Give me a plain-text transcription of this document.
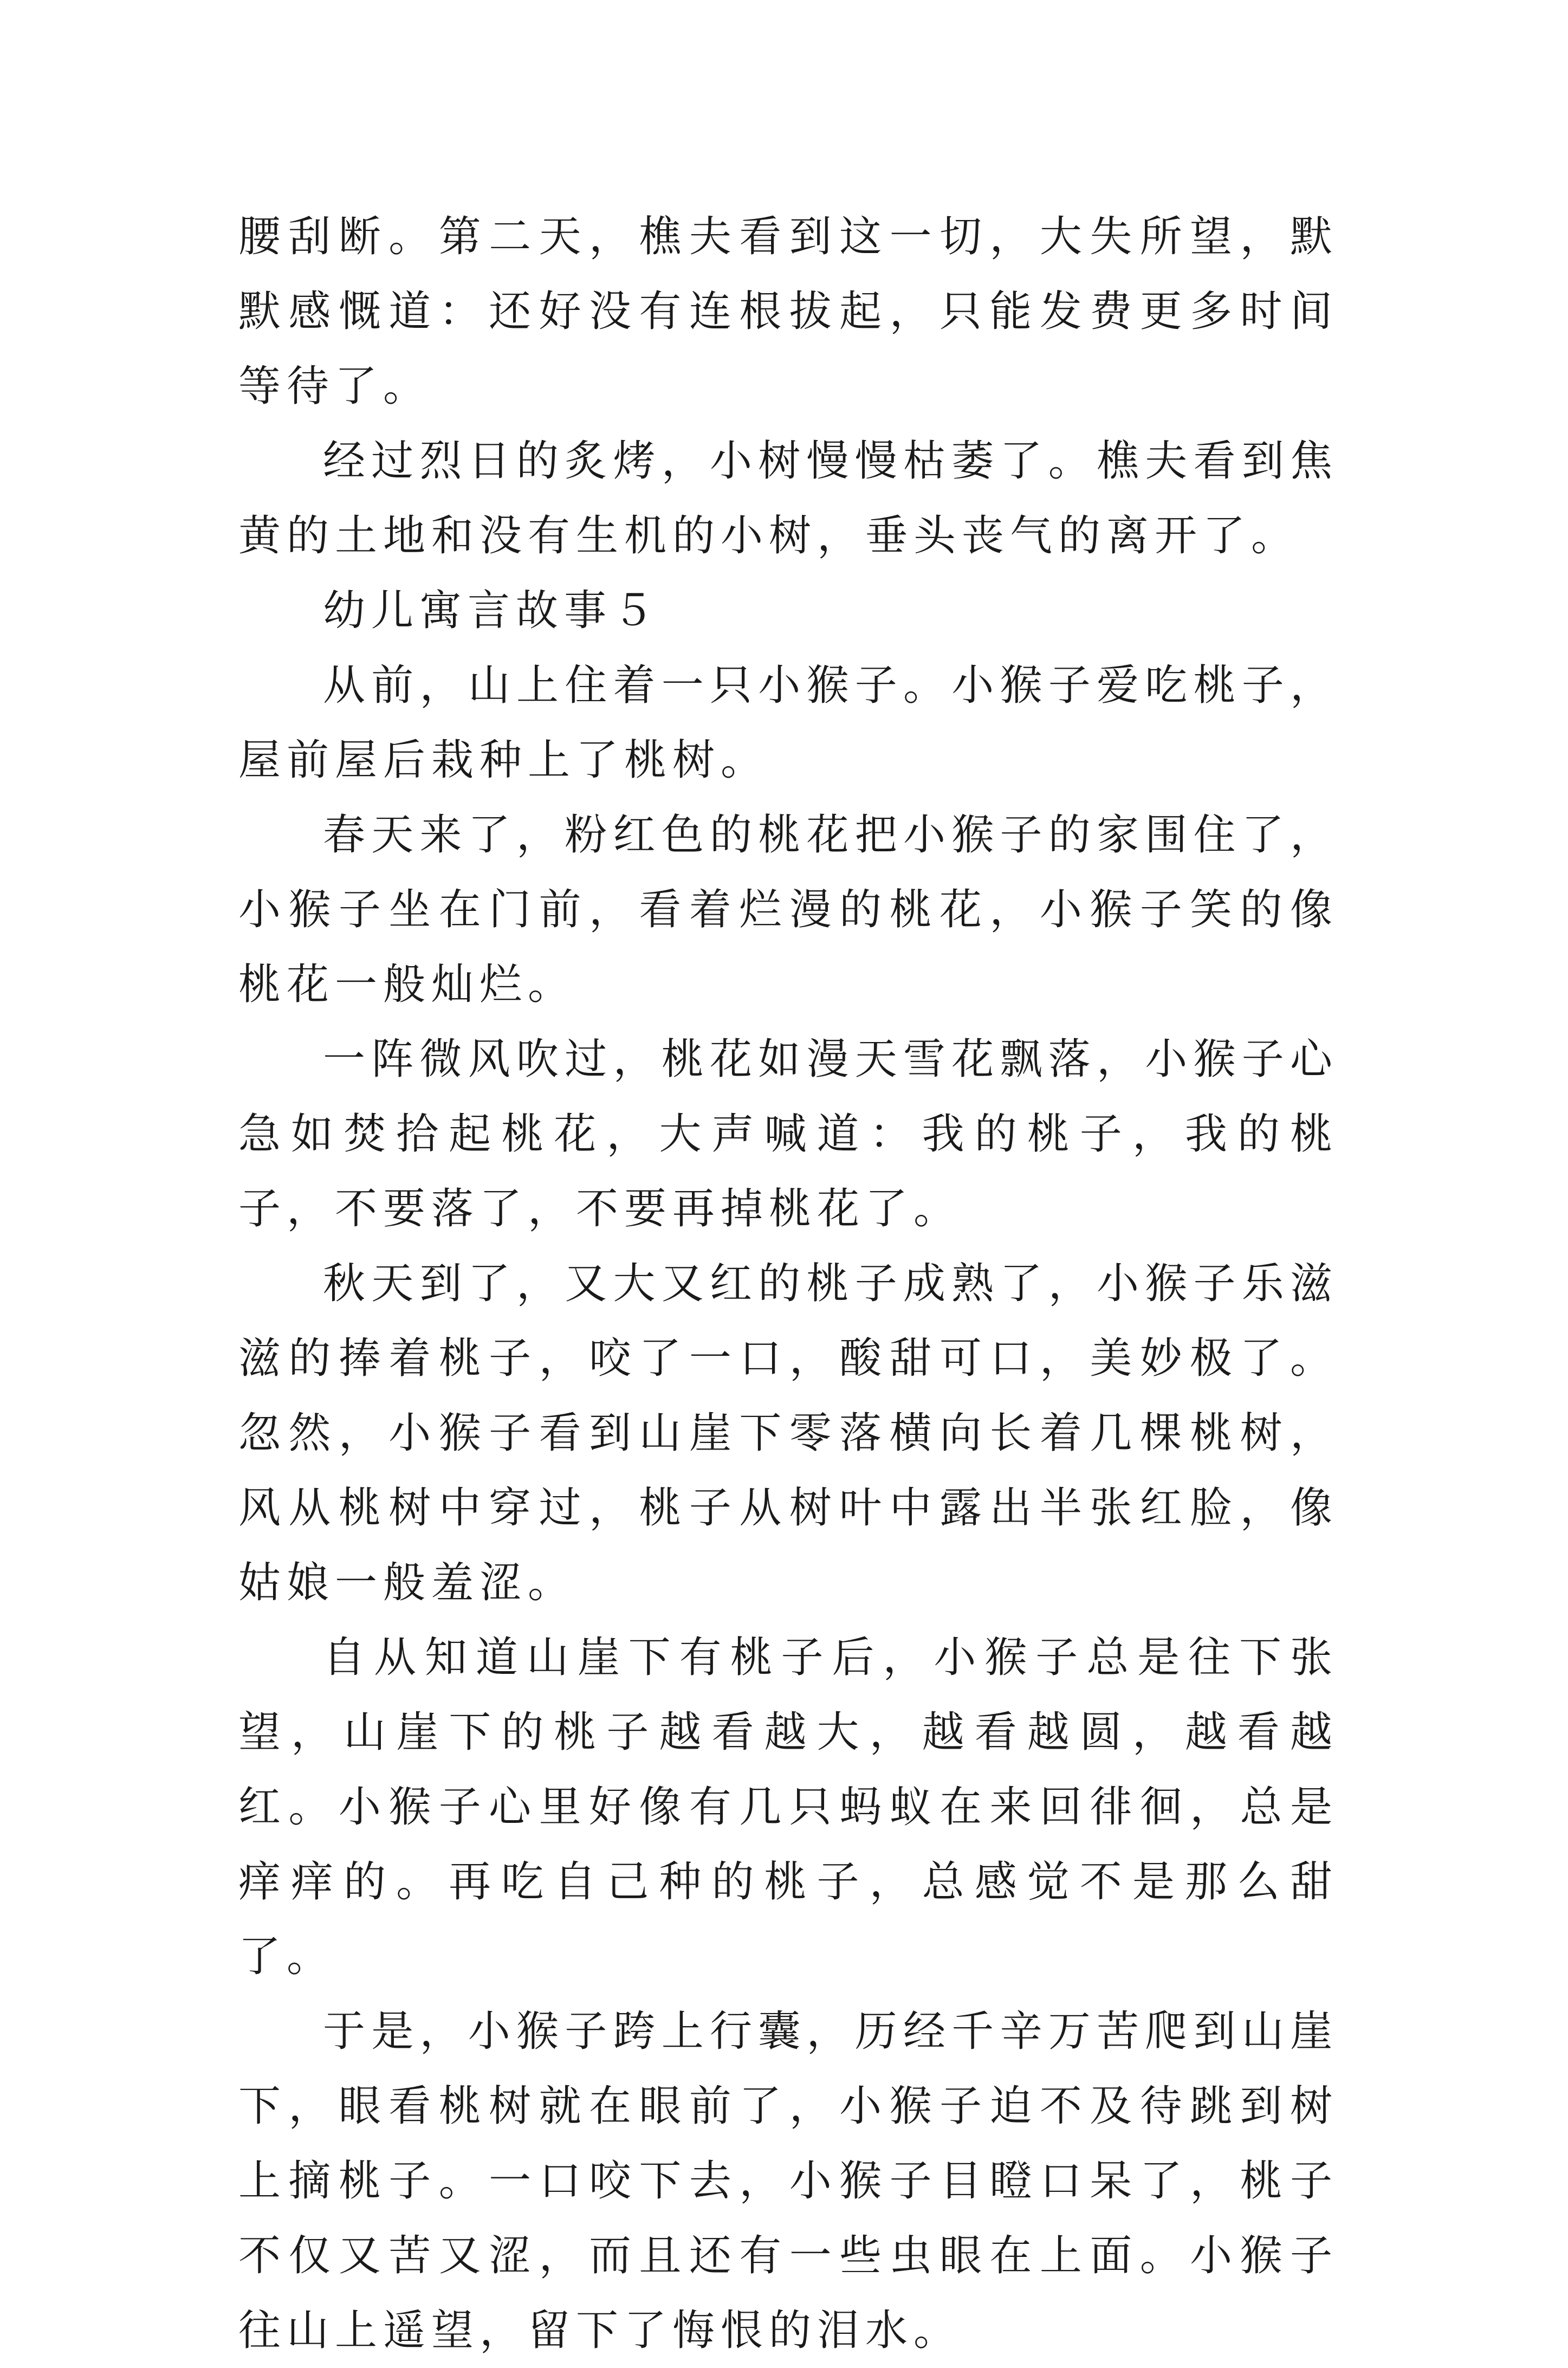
腰刮断。第二天，樵夫看到这一切，大失所望，默默感慨道：还好没有连根拔起，只能发费更多时间等待了。

经过烈日的炙烤，小树慢慢枯萎了。樵夫看到焦黄的土地和没有生机的小树，垂头丧气的离开了。

幼儿寓言故事５

从前，山上住着一只小猴子。小猴子爱吃桃子，屋前屋后栽种上了桃树。

春天来了，粉红色的桃花把小猴子的家围住了，小猴子坐在门前，看着烂漫的桃花，小猴子笑的像桃花一般灿烂。

一阵微风吹过，桃花如漫天雪花飘落，小猴子心急如焚拾起桃花，大声喊道：我的桃子，我的桃子，不要落了，不要再掉桃花了。

秋天到了，又大又红的桃子成熟了，小猴子乐滋滋的捧着桃子，咬了一口，酸甜可口，美妙极了。忽然，小猴子看到山崖下零落横向长着几棵桃树，风从桃树中穿过，桃子从树叶中露出半张红脸，像姑娘一般羞涩。

自从知道山崖下有桃子后，小猴子总是往下张望，山崖下的桃子越看越大，越看越圆，越看越红。小猴子心里好像有几只蚂蚁在来回徘徊，总是痒痒的。再吃自己种的桃子，总感觉不是那么甜了。

于是，小猴子跨上行囊，历经千辛万苦爬到山崖下，眼看桃树就在眼前了，小猴子迫不及待跳到树上摘桃子。一口咬下去，小猴子目瞪口呆了，桃子不仅又苦又涩，而且还有一些虫眼在上面。小猴子往山上遥望，留下了悔恨的泪水。
